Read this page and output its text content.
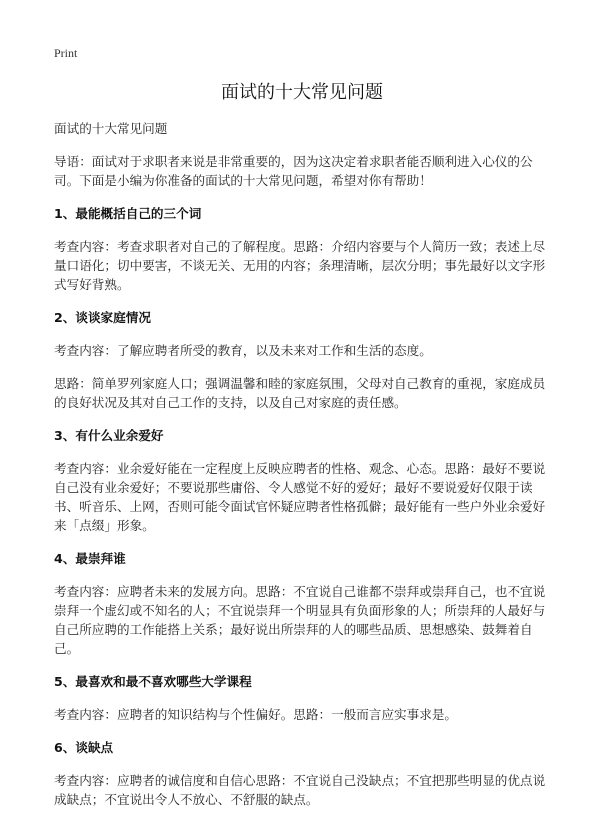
Print
面试的十大常见问题

面试的十大常见问题

导语：面试对于求职者来说是非常重要的，因为这决定着求职者能否顺利进入心仪的公司。下面是小编为你准备的面试的十大常见问题，希望对你有帮助！

1、最能概括自己的三个词

考查内容：考查求职者对自己的了解程度。思路：介绍内容要与个人简历一致；表述上尽量口语化；切中要害，不谈无关、无用的内容；条理清晰，层次分明；事先最好以文字形式写好背熟。

2、谈谈家庭情况

考查内容：了解应聘者所受的教育，以及未来对工作和生活的态度。

思路：简单罗列家庭人口；强调温馨和睦的家庭氛围，父母对自己教育的重视，家庭成员的良好状况及其对自己工作的支持，以及自己对家庭的责任感。

3、有什么业余爱好

考查内容：业余爱好能在一定程度上反映应聘者的性格、观念、心态。思路：最好不要说自己没有业余爱好；不要说那些庸俗、令人感觉不好的爱好；最好不要说爱好仅限于读书、听音乐、上网，否则可能令面试官怀疑应聘者性格孤僻；最好能有一些户外业余爱好来「点缀」形象。

4、最崇拜谁

考查内容：应聘者未来的发展方向。思路：不宜说自己谁都不崇拜或崇拜自己，也不宜说崇拜一个虚幻或不知名的人；不宜说崇拜一个明显具有负面形象的人；所崇拜的人最好与自己所应聘的工作能搭上关系；最好说出所崇拜的人的哪些品质、思想感染、鼓舞着自己。

5、最喜欢和最不喜欢哪些大学课程

考查内容：应聘者的知识结构与个性偏好。思路：一般而言应实事求是。

6、谈缺点

考查内容：应聘者的诚信度和自信心思路：不宜说自己没缺点；不宜把那些明显的优点说成缺点；不宜说出令人不放心、不舒服的缺点。
